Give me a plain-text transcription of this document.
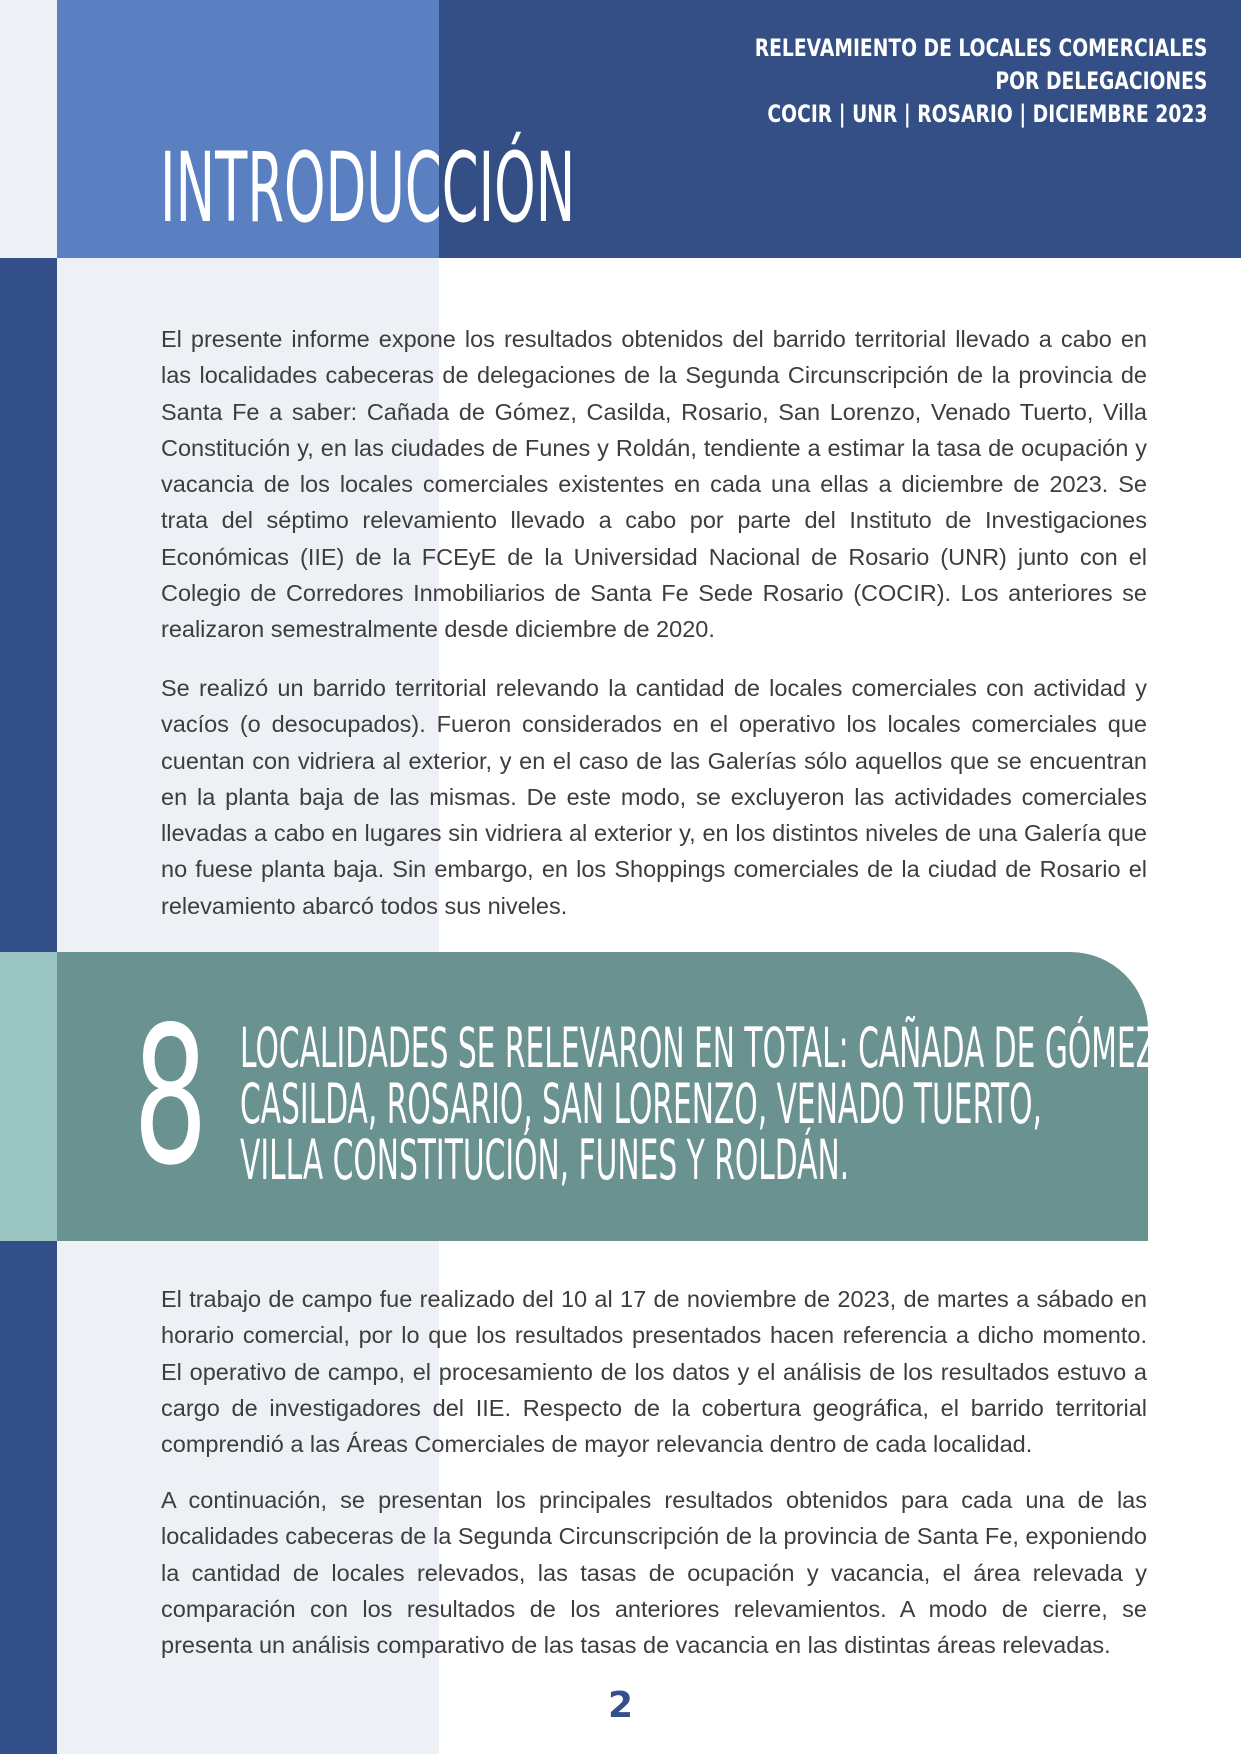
RELEVAMIENTO DE LOCALES COMERCIALES
POR DELEGACIONES
COCIR | UNR | ROSARIO | DICIEMBRE 2023
INTRODUCCIÓN

El presente informe expone los resultados obtenidos del barrido territorial llevado a cabo en las localidades cabeceras de delegaciones de la Segunda Circunscripción de la provincia de Santa Fe a saber: Cañada de Gómez, Casilda, Rosario, San Lorenzo, Venado Tuerto, Villa Constitución y, en las ciudades de Funes y Roldán, tendiente a estimar la tasa de ocupación y vacancia de los locales comerciales existentes en cada una ellas a diciembre de 2023. Se trata del séptimo relevamiento llevado a cabo por parte del Instituto de Investigaciones Económicas (IIE) de la FCEyE de la Universidad Nacional de Rosario (UNR) junto con el Colegio de Corredores Inmobiliarios de Santa Fe Sede Rosario (COCIR). Los anteriores se realizaron semestralmente desde diciembre de 2020.

Se realizó un barrido territorial relevando la cantidad de locales comerciales con actividad y vacíos (o desocupados). Fueron considerados en el operativo los locales comerciales que cuentan con vidriera al exterior, y en el caso de las Galerías sólo aquellos que se encuentran en la planta baja de las mismas. De este modo, se excluyeron las actividades comerciales llevadas a cabo en lugares sin vidriera al exterior y, en los distintos niveles de una Galería que no fuese planta baja. Sin embargo, en los Shoppings comerciales de la ciudad de Rosario el relevamiento abarcó todos sus niveles.

8 LOCALIDADES SE RELEVARON EN TOTAL: CAÑADA DE GÓMEZ,
CASILDA, ROSARIO, SAN LORENZO, VENADO TUERTO,
VILLA CONSTITUCIÓN, FUNES Y ROLDÁN.

El trabajo de campo fue realizado del 10 al 17 de noviembre de 2023, de martes a sábado en horario comercial, por lo que los resultados presentados hacen referencia a dicho momento. El operativo de campo, el procesamiento de los datos y el análisis de los resultados estuvo a cargo de investigadores del IIE. Respecto de la cobertura geográfica, el barrido territorial comprendió a las Áreas Comerciales de mayor relevancia dentro de cada localidad.

A continuación, se presentan los principales resultados obtenidos para cada una de las localidades cabeceras de la Segunda Circunscripción de la provincia de Santa Fe, exponiendo la cantidad de locales relevados, las tasas de ocupación y vacancia, el área relevada y comparación con los resultados de los anteriores relevamientos. A modo de cierre, se presenta un análisis comparativo de las tasas de vacancia en las distintas áreas relevadas.

2
